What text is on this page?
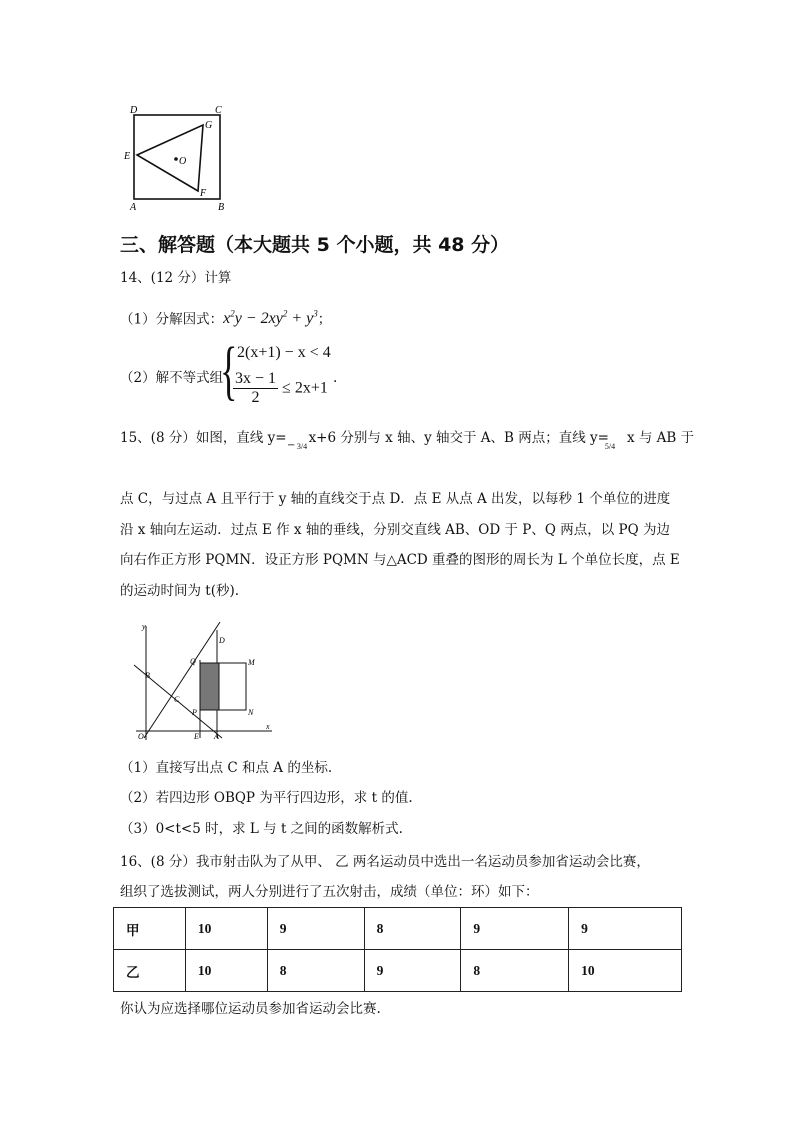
D	C
G
E	O
F
A	B
三、解答题（本大题共 5 个小题，共 48 分）
14、(12 分）计算
（1）分解因式：$x^2y - 2xy^2 + y^3$；
（2）解不等式组
{ 2(x+1) − x < 4
$\frac{3x - 1}{2} \le 2x+1$
.
15、(8 分）如图，直线 y= x+6 分别与 x 轴、y 轴交于 A、B 两点；直线 y= x 与 AB 于
− 3/4	5/4
点 C，与过点 A 且平行于 y 轴的直线交于点 D．点 E 从点 A 出发，以每秒 1 个单位的进度
沿 x 轴向左运动．过点 E 作 x 轴的垂线，分别交直线 AB、OD 于 P、Q 两点，以 PQ 为边
向右作正方形 PQMN．设正方形 PQMN 与△ACD 重叠的图形的周长为 L 个单位长度，点 E
的运动时间为 t(秒).
y
D
Q	M
B
C
P	N
O	E A
x
（1）直接写出点 C 和点 A 的坐标.
（2）若四边形 OBQP 为平行四边形，求 t 的值.
（3）0<t<5 时，求 L 与 t 之间的函数解析式.
16、(8 分）我市射击队为了从甲、 乙 两名运动员中选出一名运动员参加省运动会比赛，
组织了选拔测试，两人分别进行了五次射击，成绩（单位：环）如下：
甲	10	9	8	9	9
乙	10	8	9	8	10
你认为应选择哪位运动员参加省运动会比赛.
